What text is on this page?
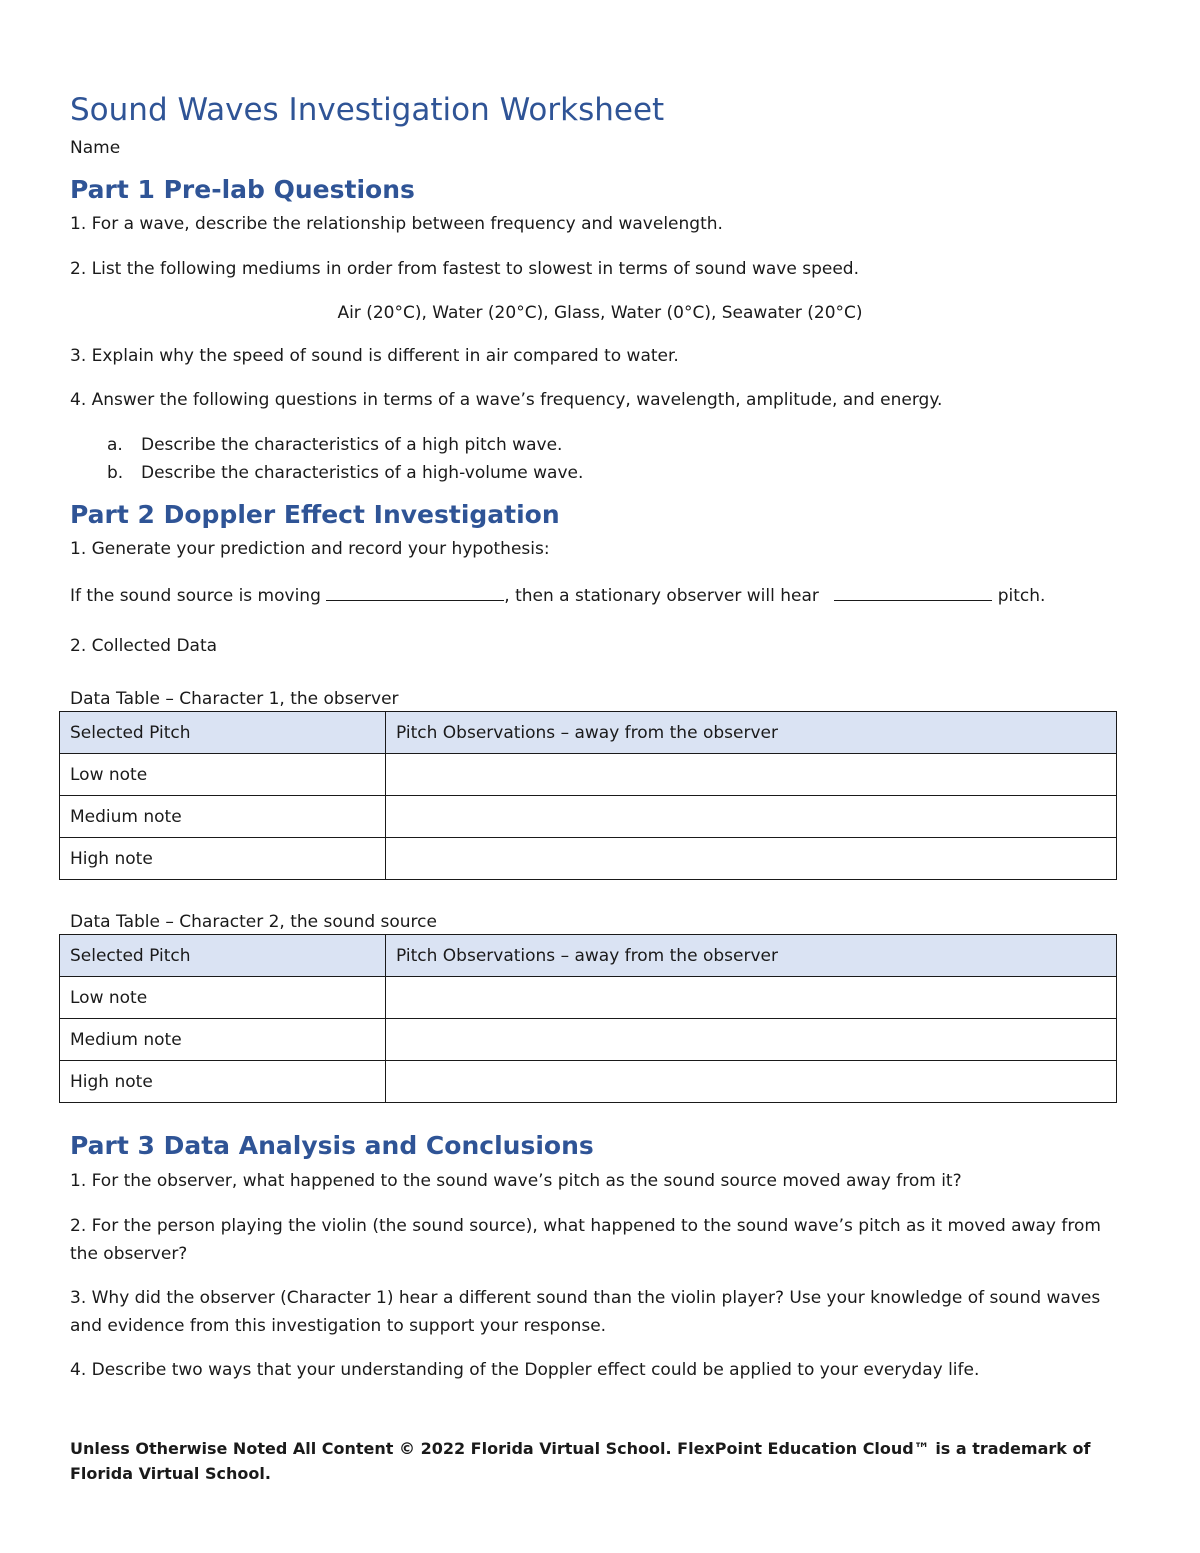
Sound Waves Investigation Worksheet
Name
Part 1 Pre-lab Questions
1. For a wave, describe the relationship between frequency and wavelength.
2. List the following mediums in order from fastest to slowest in terms of sound wave speed.
Air (20°C), Water (20°C), Glass, Water (0°C), Seawater (20°C)
3. Explain why the speed of sound is different in air compared to water.
4. Answer the following questions in terms of a wave’s frequency, wavelength, amplitude, and energy.
a. Describe the characteristics of a high pitch wave.
b. Describe the characteristics of a high-volume wave.
Part 2 Doppler Effect Investigation
1. Generate your prediction and record your hypothesis:
If the sound source is moving	, then a stationary observer will hear	pitch.
2. Collected Data
Data Table – Character 1, the observer
Selected Pitch	Pitch Observations – away from the observer
Low note	
Medium note	
High note	
Data Table – Character 2, the sound source
Selected Pitch	Pitch Observations – away from the observer
Low note	
Medium note	
High note	
Part 3 Data Analysis and Conclusions
1. For the observer, what happened to the sound wave’s pitch as the sound source moved away from it?
2. For the person playing the violin (the sound source), what happened to the sound wave’s pitch as it moved away from
the observer?
3. Why did the observer (Character 1) hear a different sound than the violin player? Use your knowledge of sound waves
and evidence from this investigation to support your response.
4. Describe two ways that your understanding of the Doppler effect could be applied to your everyday life.
Unless Otherwise Noted All Content © 2022 Florida Virtual School. FlexPoint Education Cloud™ is a trademark of Florida Virtual School.
